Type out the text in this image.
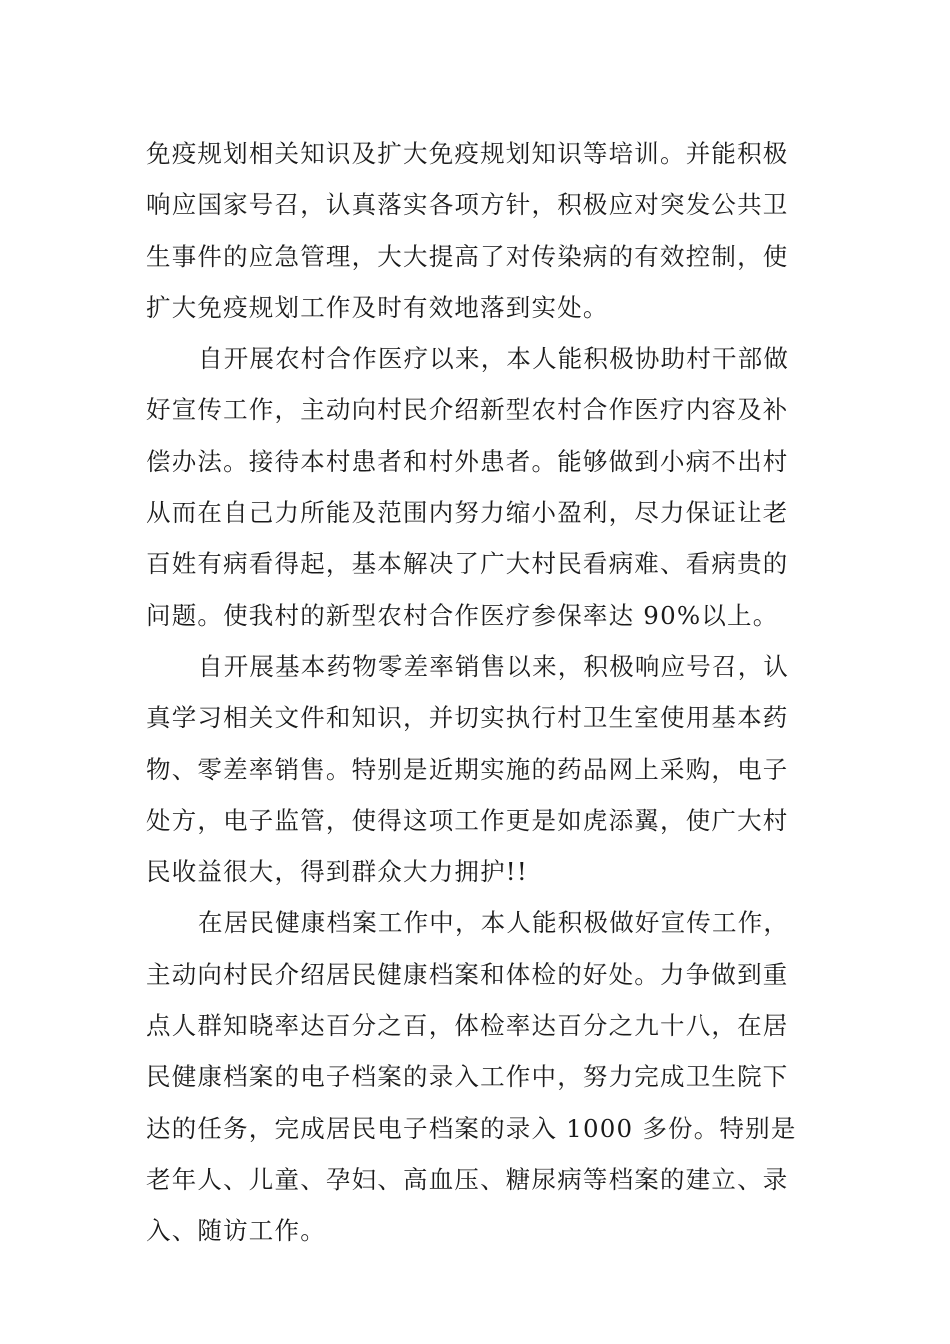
免疫规划相关知识及扩大免疫规划知识等培训。并能积极
响应国家号召，认真落实各项方针，积极应对突发公共卫
生事件的应急管理，大大提高了对传染病的有效控制，使
扩大免疫规划工作及时有效地落到实处。
自开展农村合作医疗以来，本人能积极协助村干部做
好宣传工作，主动向村民介绍新型农村合作医疗内容及补
偿办法。接待本村患者和村外患者。能够做到小病不出村
从而在自己力所能及范围内努力缩小盈利，尽力保证让老
百姓有病看得起，基本解决了广大村民看病难、看病贵的
问题。使我村的新型农村合作医疗参保率达 90%以上。
自开展基本药物零差率销售以来，积极响应号召，认
真学习相关文件和知识，并切实执行村卫生室使用基本药
物、零差率销售。特别是近期实施的药品网上采购，电子
处方，电子监管，使得这项工作更是如虎添翼，使广大村
民收益很大，得到群众大力拥护!!
在居民健康档案工作中，本人能积极做好宣传工作，
主动向村民介绍居民健康档案和体检的好处。力争做到重
点人群知晓率达百分之百，体检率达百分之九十八，在居
民健康档案的电子档案的录入工作中，努力完成卫生院下
达的任务，完成居民电子档案的录入 1000 多份。特别是
老年人、儿童、孕妇、高血压、糖尿病等档案的建立、录
入、随访工作。
